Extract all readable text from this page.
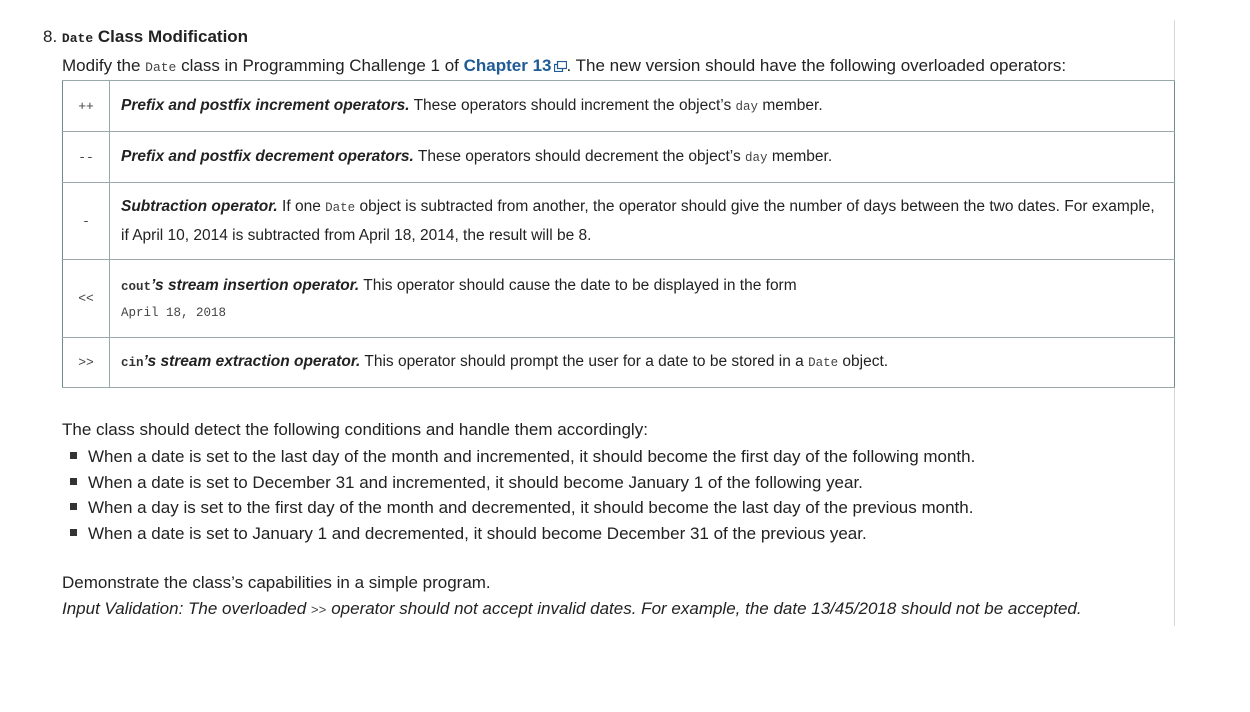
8. Date Class Modification
Modify the Date class in Programming Challenge 1 of Chapter 13 . The new version should have the following overloaded operators:
++	Prefix and postfix increment operators. These operators should increment the object’s day member.
--	Prefix and postfix decrement operators. These operators should decrement the object’s day member.
-	Subtraction operator. If one Date object is subtracted from another, the operator should give the number of days between the two dates. For example, if April 10, 2014 is subtracted from April 18, 2014, the result will be 8.
<<	cout’s stream insertion operator. This operator should cause the date to be displayed in the form
April 18, 2018

>>	cin’s stream extraction operator. This operator should prompt the user for a date to be stored in a Date object.
The class should detect the following conditions and handle them accordingly:
When a date is set to the last day of the month and incremented, it should become the first day of the following month.
When a date is set to December 31 and incremented, it should become January 1 of the following year.
When a day is set to the first day of the month and decremented, it should become the last day of the previous month.
When a date is set to January 1 and decremented, it should become December 31 of the previous year.
Demonstrate the class’s capabilities in a simple program.
Input Validation: The overloaded >> operator should not accept invalid dates. For example, the date 13/45/2018 should not be accepted.
